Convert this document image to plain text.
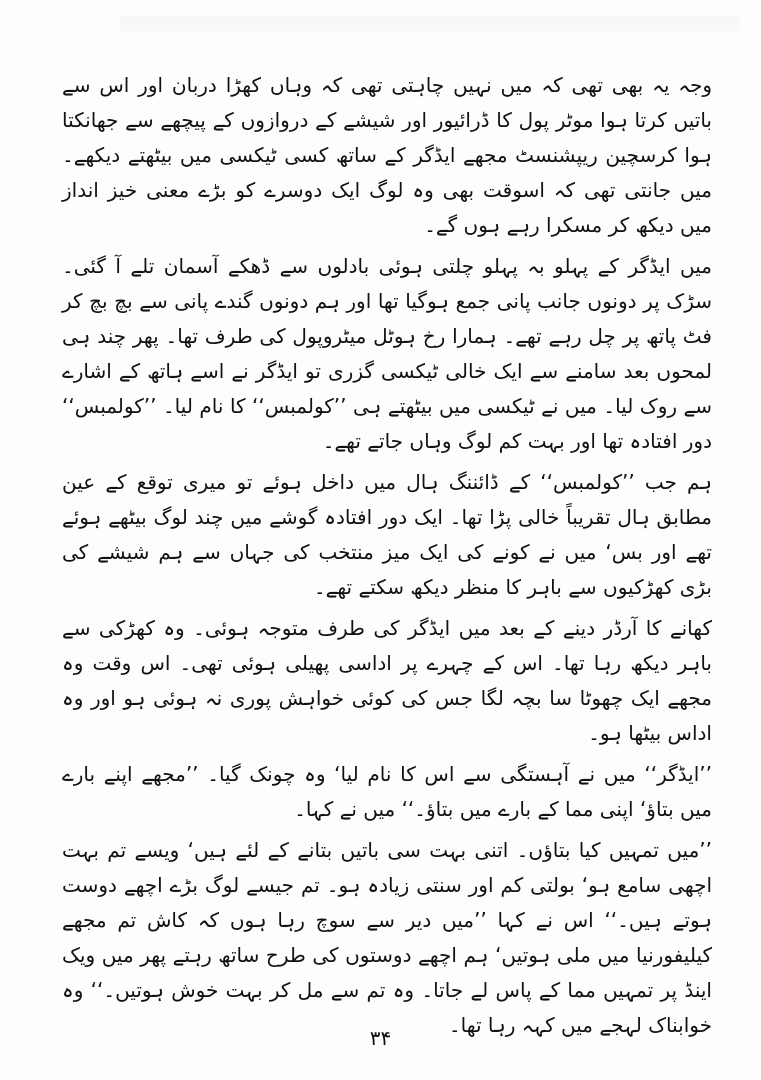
وجہ یہ بھی تھی کہ میں نہیں چاہتی تھی کہ وہاں کھڑا دربان اور اس سے باتیں کرتا ہوا موٹر پول کا ڈرائیور اور شیشے کے دروازوں کے پیچھے سے جھانکتا ہوا کرسچین ریپشنسٹ مجھے ایڈگر کے ساتھ کسی ٹیکسی میں بیٹھتے دیکھے۔ میں جانتی تھی کہ اسوقت بھی وہ لوگ ایک دوسرے کو بڑے معنی خیز انداز میں دیکھ کر مسکرا رہے ہوں گے۔

میں ایڈگر کے پہلو بہ پہلو چلتی ہوئی بادلوں سے ڈھکے آسمان تلے آ گئی۔ سڑک پر دونوں جانب پانی جمع ہوگیا تھا اور ہم دونوں گندے پانی سے بچ بچ کر فٹ پاتھ پر چل رہے تھے۔ ہمارا رخ ہوٹل میٹروپول کی طرف تھا۔ پھر چند ہی لمحوں بعد سامنے سے ایک خالی ٹیکسی گزری تو ایڈگر نے اسے ہاتھ کے اشارے سے روک لیا۔ میں نے ٹیکسی میں بیٹھتے ہی ’’کولمبس‘‘ کا نام لیا۔ ’’کولمبس‘‘ دور افتادہ تھا اور بہت کم لوگ وہاں جاتے تھے۔

ہم جب ’’کولمبس‘‘ کے ڈائننگ ہال میں داخل ہوئے تو میری توقع کے عین مطابق ہال تقریباً خالی پڑا تھا۔ ایک دور افتادہ گوشے میں چند لوگ بیٹھے ہوئے تھے اور بس‘ میں نے کونے کی ایک میز منتخب کی جہاں سے ہم شیشے کی بڑی کھڑکیوں سے باہر کا منظر دیکھ سکتے تھے۔

کھانے کا آرڈر دینے کے بعد میں ایڈگر کی طرف متوجہ ہوئی۔ وہ کھڑکی سے باہر دیکھ رہا تھا۔ اس کے چہرے پر اداسی پھیلی ہوئی تھی۔ اس وقت وہ مجھے ایک چھوٹا سا بچہ لگا جس کی کوئی خواہش پوری نہ ہوئی ہو اور وہ اداس بیٹھا ہو۔

’’ایڈگر‘‘ میں نے آہستگی سے اس کا نام لیا‘ وہ چونک گیا۔ ’’مجھے اپنے بارے میں بتاؤ‘ اپنی مما کے بارے میں بتاؤ۔‘‘ میں نے کہا۔

’’میں تمہیں کیا بتاؤں۔ اتنی بہت سی باتیں بتانے کے لئے ہیں‘ ویسے تم بہت اچھی سامع ہو‘ بولتی کم اور سنتی زیادہ ہو۔ تم جیسے لوگ بڑے اچھے دوست ہوتے ہیں۔‘‘ اس نے کہا ’’میں دیر سے سوچ رہا ہوں کہ کاش تم مجھے کیلیفورنیا میں ملی ہوتیں‘ ہم اچھے دوستوں کی طرح ساتھ رہتے پھر میں ویک اینڈ پر تمہیں مما کے پاس لے جاتا۔ وہ تم سے مل کر بہت خوش ہوتیں۔‘‘ وہ خوابناک لہجے میں کہہ رہا تھا۔

۳۴
